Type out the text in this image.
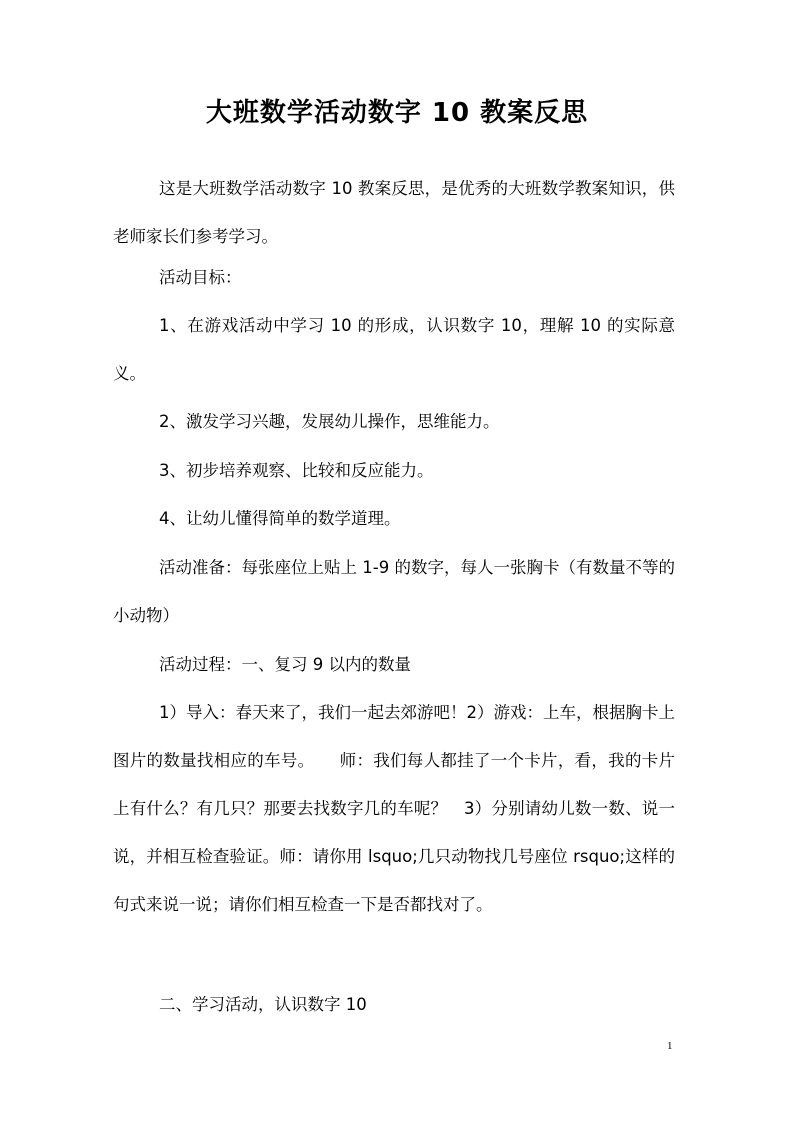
大班数学活动数字 10 教案反思

这是大班数学活动数字 10 教案反思，是优秀的大班数学教案知识，供老师家长们参考学习。

活动目标：

1、在游戏活动中学习 10 的形成，认识数字 10，理解 10 的实际意义。

2、激发学习兴趣，发展幼儿操作，思维能力。

3、初步培养观察、比较和反应能力。

4、让幼儿懂得简单的数学道理。

活动准备：每张座位上贴上 1-9 的数字，每人一张胸卡（有数量不等的小动物）

活动过程：一、复习 9 以内的数量

1）导入：春天来了，我们一起去郊游吧！2）游戏：上车，根据胸卡上图片的数量找相应的车号。　　师：我们每人都挂了一个卡片，看，我的卡片上有什么？有几只？那要去找数字几的车呢？　3）分别请幼儿数一数、说一说，并相互检查验证。师：请你用 lsquo;几只动物找几号座位 rsquo;这样的句式来说一说；请你们相互检查一下是否都找对了。

二、学习活动，认识数字 10

1
